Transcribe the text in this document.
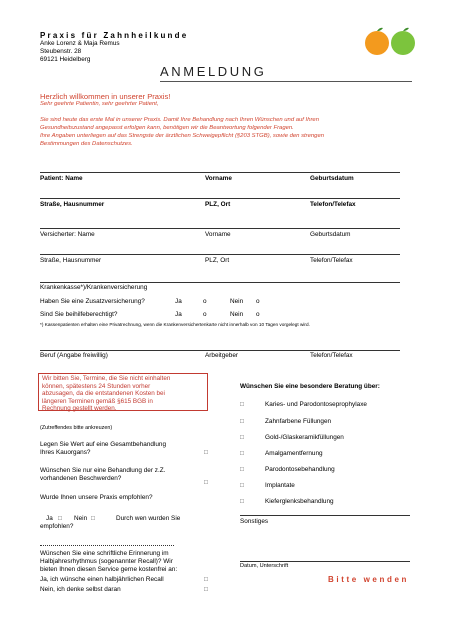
Praxis für Zahnheilkunde
Anke Lorenz & Maja Remus
Steubenstr. 28
69121 Heidelberg
ANMELDUNG
Herzlich willkommen in unserer Praxis!
Sehr geehrte Patientin, sehr geehrter Patient,
Sie sind heute das erste Mal in unserer Praxis. Damit Ihre Behandlung nach Ihren Wünschen und auf Ihren
Gesundheitszustand angepasst erfolgen kann, benötigen wir die Beantwortung folgender Fragen.
Ihre Angaben unterliegen auf das Strengste der ärztlichen Schweigepflicht (§203 STGB), sowie den strengen
Bestimmungen des Datenschutzes.
Patient: Name	Vorname	Geburtsdatum
Straße, Hausnummer	PLZ, Ort	Telefon/Telefax
Versicherter: Name	Vorname	Geburtsdatum
Straße, Hausnummer	PLZ, Ort	Telefon/Telefax
Krankenkasse*)/Krankenversicherung
Haben Sie eine Zusatzversicherung?	Ja	o	Nein o
Sind Sie beihilfeberechtigt?	Ja	o	Nein o
*) Kassenpatienten erhalten eine Privatrechnung, wenn die Krankenversichertenkarte nicht innerhalb von 10 Tagen vorgelegt wird.
Beruf (Angabe freiwillig)	Arbeitgeber	Telefon/Telefax
Wir bitten Sie, Termine, die Sie nicht einhalten
können, spätestens 24 Stunden vorher
abzusagen, da die entstandenen Kosten bei
längeren Terminen gemäß §615 BGB in
Rechnung gestellt werden.
(Zutreffendes bitte ankreuzen)
Legen Sie Wert auf eine Gesamtbehandlung
Ihres Kauorgans?	□
Wünschen Sie nur eine Behandlung der z.Z.
vorhandenen Beschwerden?
□
Wurde Ihnen unsere Praxis empfohlen?
Ja □ Nein □	Durch wen wurden Sie
empfohlen?
Wünschen Sie eine schriftliche Erinnerung im
Halbjahresrhythmus (sogenannter Recall)? Wir
bieten Ihnen diesen Service gerne kostenfrei an:
Ja, ich wünsche einen halbjährlichen Recall	□
Nein, ich denke selbst daran	□
Wünschen Sie eine besondere Beratung über:
□	Karies- und Parodontoseprophylaxe
□	Zahnfarbene Füllungen
□	Gold-/Glaskeramikfüllungen
□	Amalgamentfernung
□	Parodontosebehandlung
□	Implantate
□	Kieferglenksbehandlung
Sonstiges
Datum, Unterschrift
Bitte wenden
